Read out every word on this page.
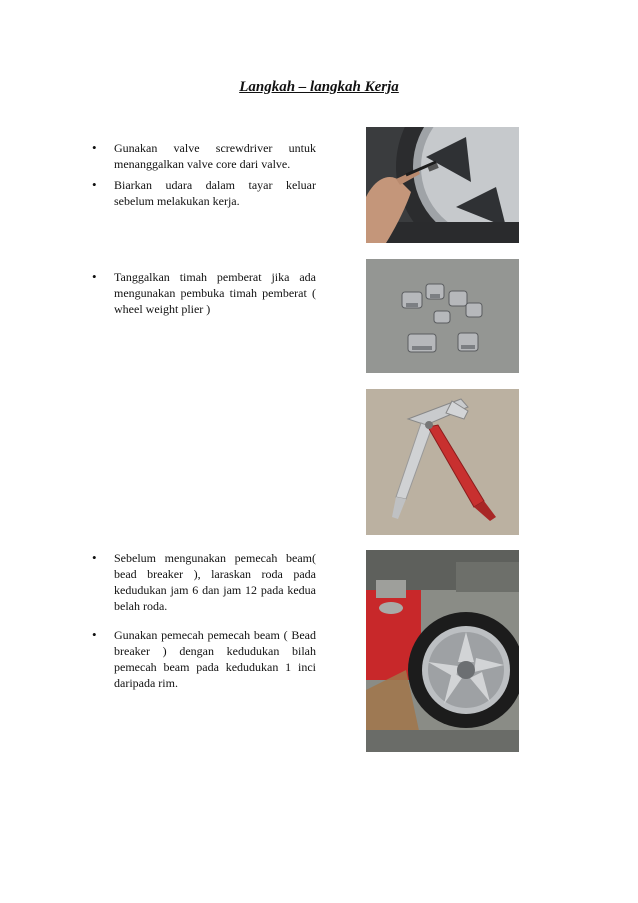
Langkah – langkah Kerja
•	Gunakan valve screwdriver untuk menanggalkan valve core dari valve.
•	Biarkan udara dalam tayar keluar sebelum melakukan kerja.
•	Tanggalkan timah pemberat jika ada mengunakan pembuka timah pemberat ( wheel weight plier )
•	Sebelum mengunakan pemecah beam( bead breaker ), laraskan roda pada kedudukan jam 6 dan jam 12 pada kedua belah roda.
•	Gunakan pemecah pemecah beam ( Bead breaker ) dengan kedudukan bilah pemecah beam pada kedudukan 1 inci daripada rim.
